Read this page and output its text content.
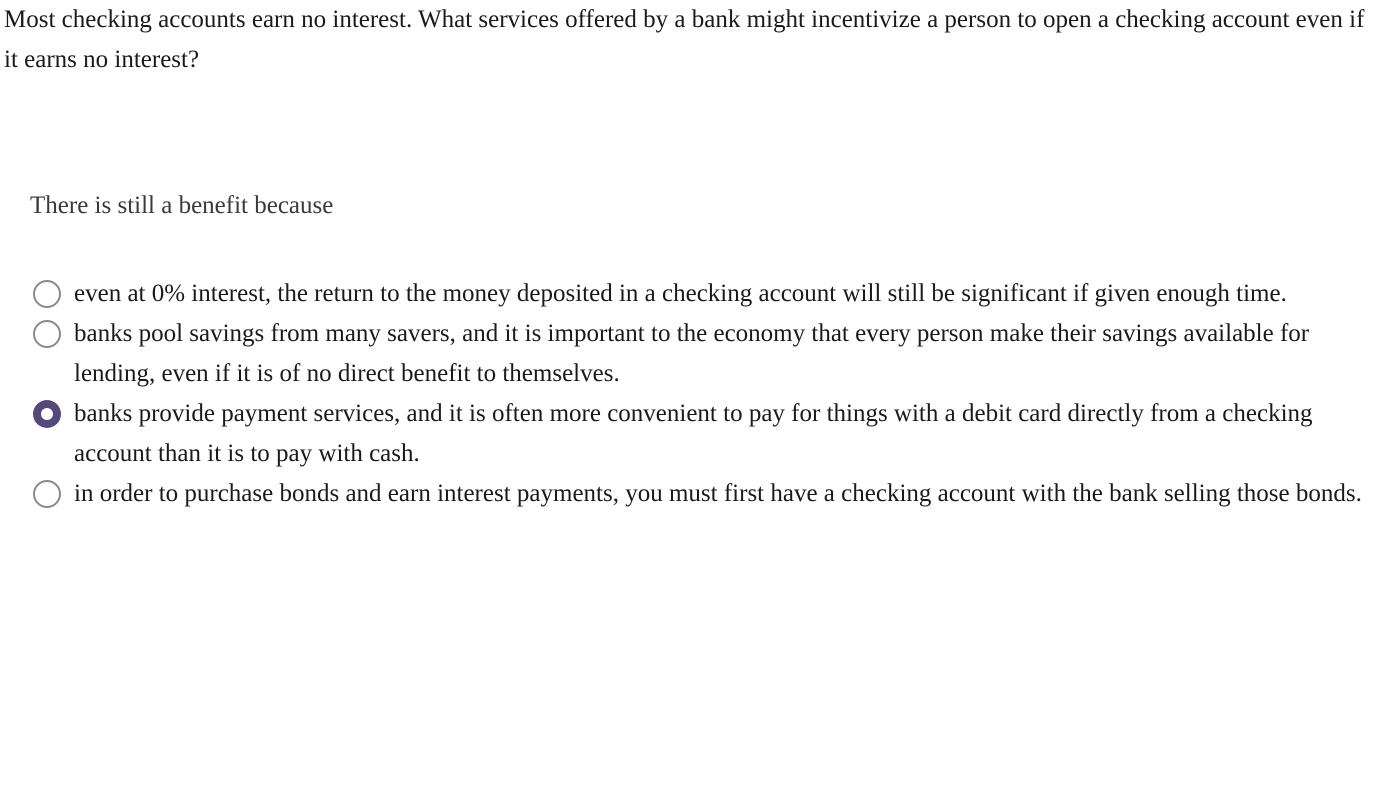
Most checking accounts earn no interest. What services offered by a bank might incentivize a person to open a checking account even if it earns no interest?

There is still a benefit because

even at 0% interest, the return to the money deposited in a checking account will still be significant if given enough time.
banks pool savings from many savers, and it is important to the economy that every person make their savings available for lending, even if it is of no direct benefit to themselves.
banks provide payment services, and it is often more convenient to pay for things with a debit card directly from a checking account than it is to pay with cash.
in order to purchase bonds and earn interest payments, you must first have a checking account with the bank selling those bonds.
